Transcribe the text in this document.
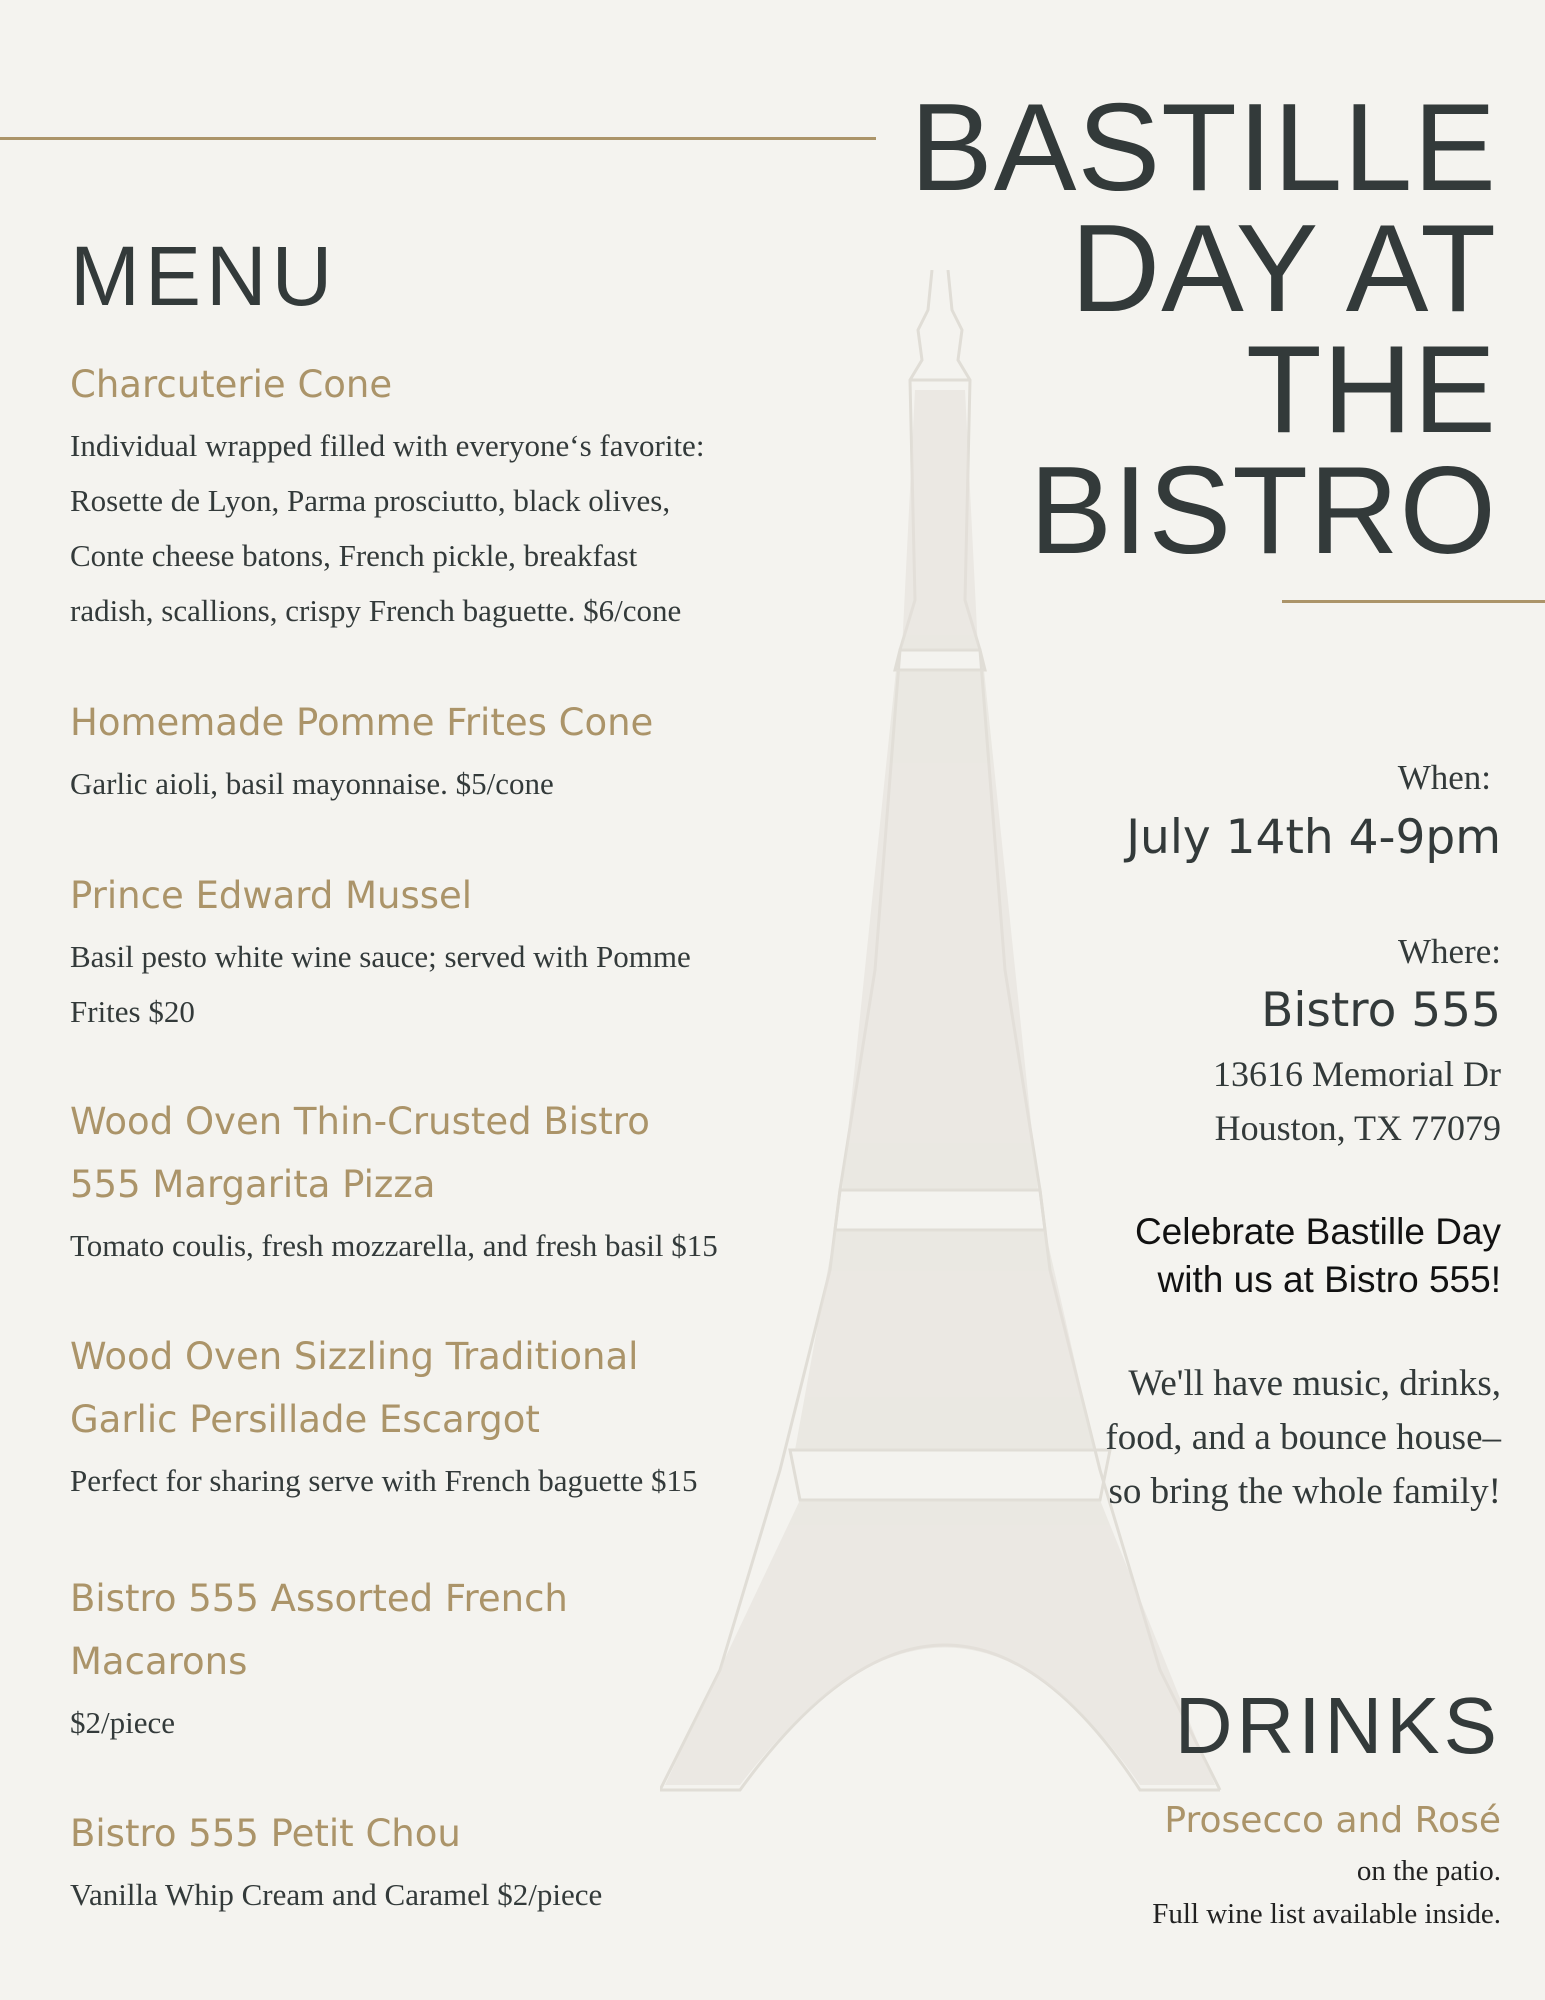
BASTILLE
DAY AT
THE
BISTRO
MENU
Charcuterie Cone
Individual wrapped filled with everyone‘s favorite:
Rosette de Lyon, Parma prosciutto, black olives,
Conte cheese batons, French pickle, breakfast
radish, scallions, crispy French baguette. $6/cone
Homemade Pomme Frites Cone
Garlic aioli, basil mayonnaise. $5/cone
Prince Edward Mussel
Basil pesto white wine sauce; served with Pomme
Frites $20
Wood Oven Thin-Crusted Bistro
555 Margarita Pizza
Tomato coulis, fresh mozzarella, and fresh basil $15
Wood Oven Sizzling Traditional
Garlic Persillade Escargot
Perfect for sharing serve with French baguette $15
Bistro 555 Assorted French
Macarons
$2/piece
Bistro 555 Petit Chou
Vanilla Whip Cream and Caramel $2/piece
When:
July 14th 4-9pm
Where:
Bistro 555
13616 Memorial Dr
Houston, TX 77079
Celebrate Bastille Day
with us at Bistro 555!
We'll have music, drinks,
food, and a bounce house–
so bring the whole family!
DRINKS
Prosecco and Rosé
on the patio.
Full wine list available inside.
